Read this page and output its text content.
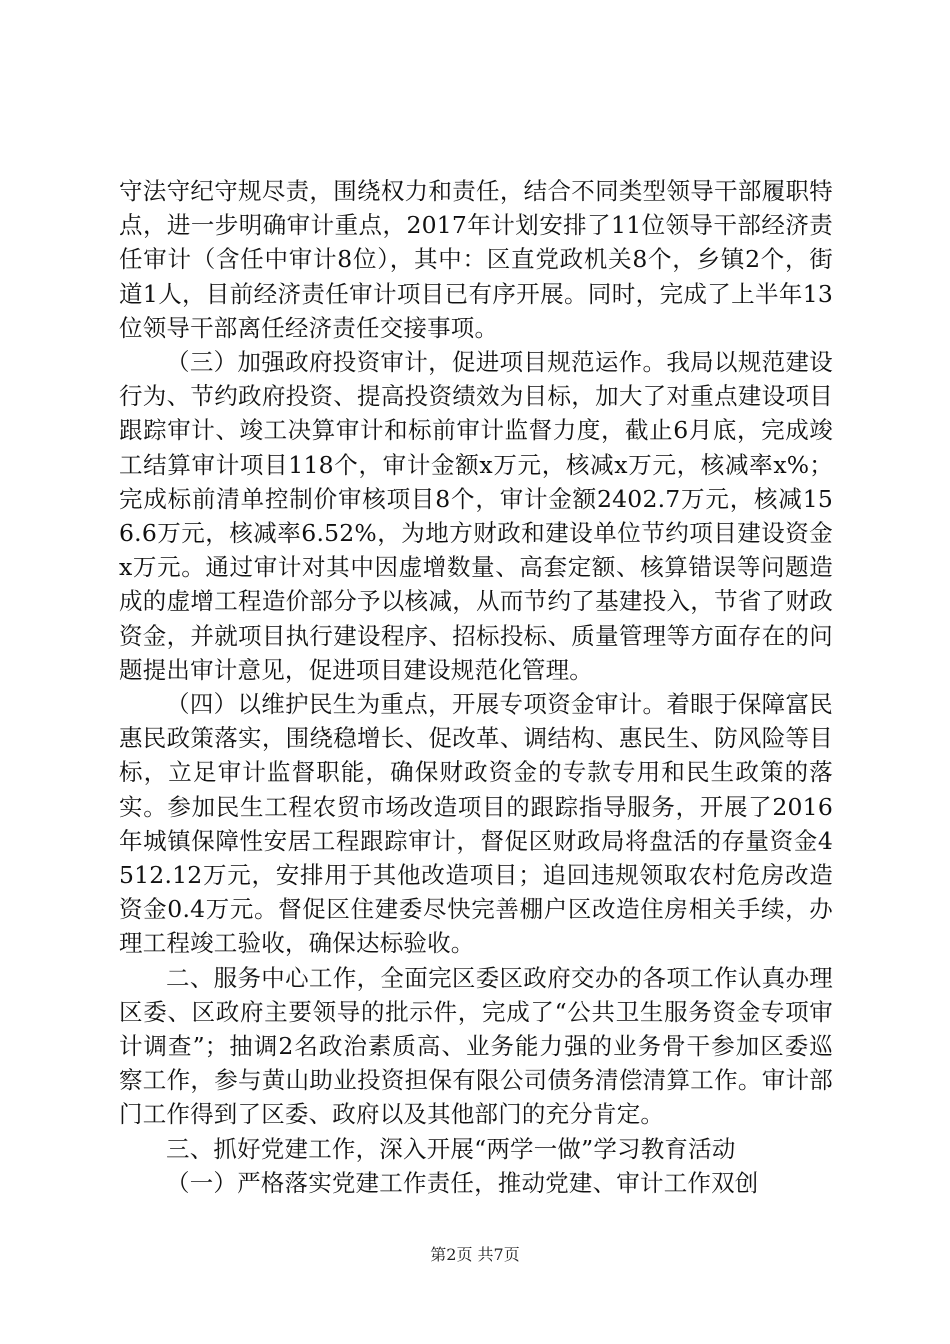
守法守纪守规尽责，围绕权力和责任，结合不同类型领导干部履职特点，进一步明确审计重点，2017年计划安排了11位领导干部经济责任审计（含任中审计8位），其中：区直党政机关8个，乡镇2个，街道1人，目前经济责任审计项目已有序开展。同时，完成了上半年13位领导干部离任经济责任交接事项。

（三）加强政府投资审计，促进项目规范运作。我局以规范建设行为、节约政府投资、提高投资绩效为目标，加大了对重点建设项目跟踪审计、竣工决算审计和标前审计监督力度，截止6月底，完成竣工结算审计项目118个，审计金额x万元，核减x万元，核减率x%；完成标前清单控制价审核项目8个，审计金额2402.7万元，核减156.6万元，核减率6.52%，为地方财政和建设单位节约项目建设资金x万元。通过审计对其中因虚增数量、高套定额、核算错误等问题造成的虚增工程造价部分予以核减，从而节约了基建投入，节省了财政资金，并就项目执行建设程序、招标投标、质量管理等方面存在的问题提出审计意见，促进项目建设规范化管理。

（四）以维护民生为重点，开展专项资金审计。着眼于保障富民惠民政策落实，围绕稳增长、促改革、调结构、惠民生、防风险等目标，立足审计监督职能，确保财政资金的专款专用和民生政策的落实。参加民生工程农贸市场改造项目的跟踪指导服务，开展了2016年城镇保障性安居工程跟踪审计，督促区财政局将盘活的存量资金4512.12万元，安排用于其他改造项目；追回违规领取农村危房改造资金0.4万元。督促区住建委尽快完善棚户区改造住房相关手续，办理工程竣工验收，确保达标验收。

二、服务中心工作，全面完区委区政府交办的各项工作认真办理区委、区政府主要领导的批示件，完成了“公共卫生服务资金专项审计调查”；抽调2名政治素质高、业务能力强的业务骨干参加区委巡察工作，参与黄山助业投资担保有限公司债务清偿清算工作。审计部门工作得到了区委、政府以及其他部门的充分肯定。

三、抓好党建工作，深入开展“两学一做”学习教育活动

（一）严格落实党建工作责任，推动党建、审计工作双创

第2页 共7页
